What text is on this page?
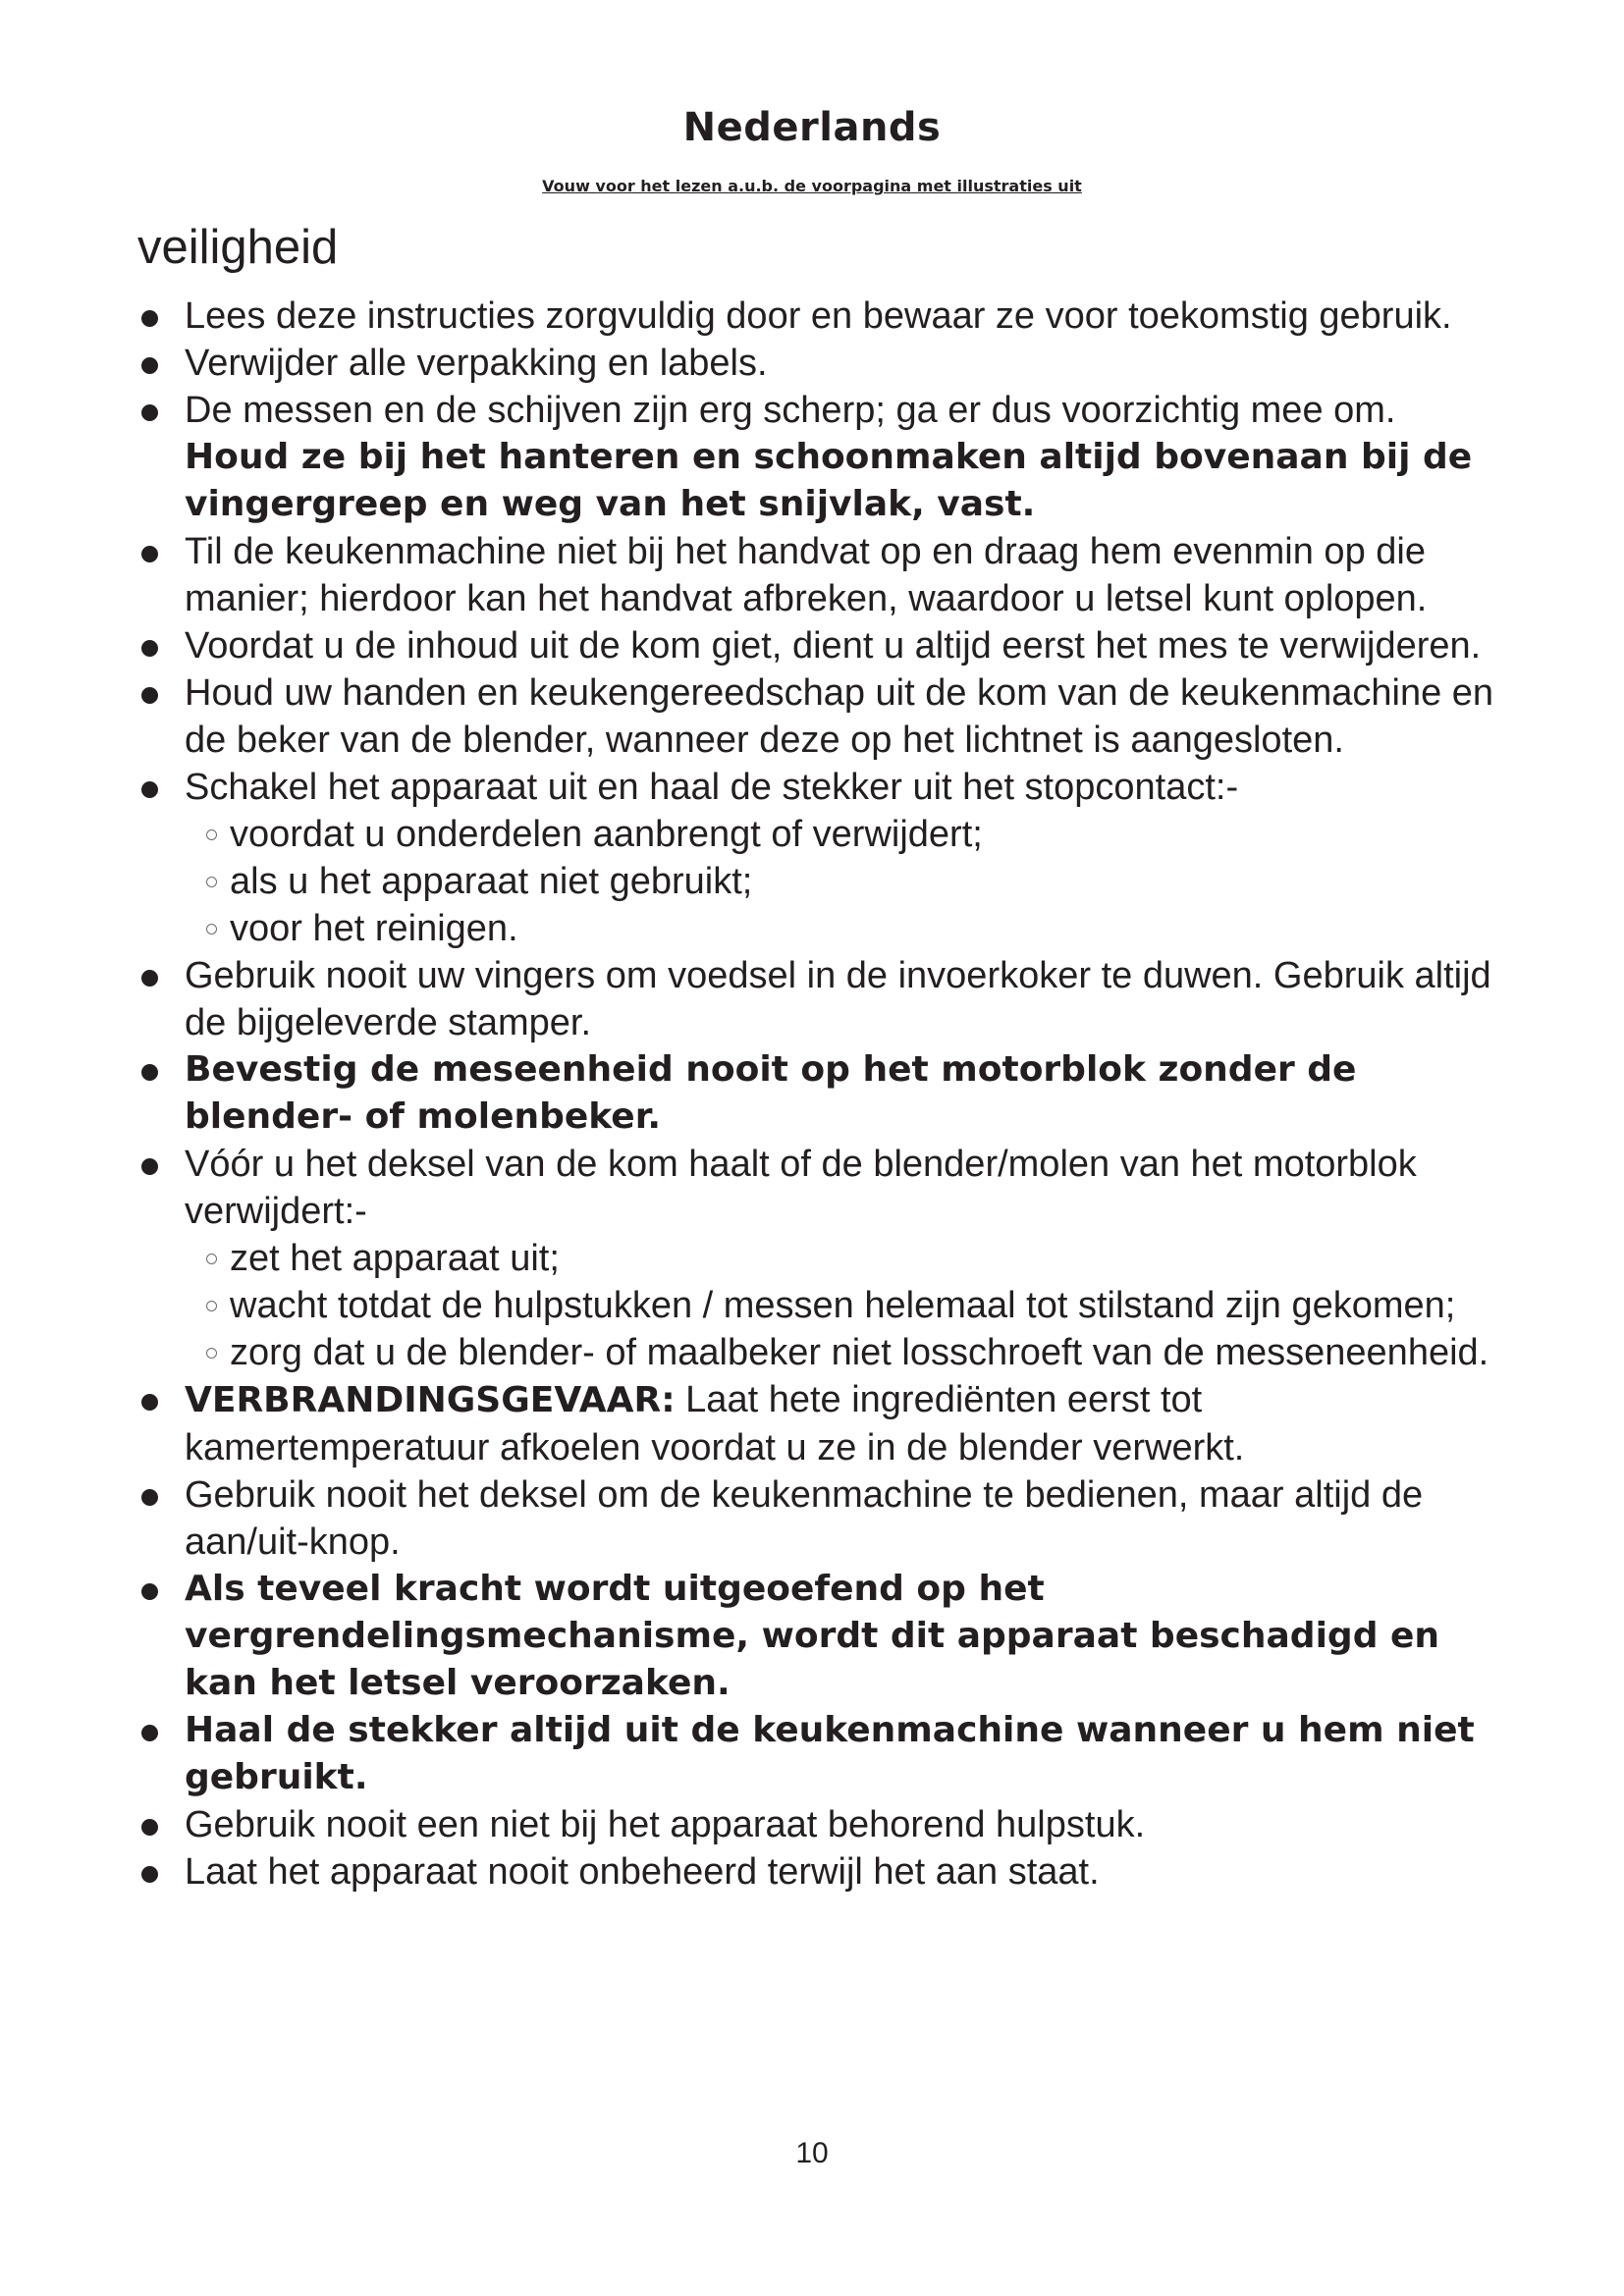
Nederlands
Vouw voor het lezen a.u.b. de voorpagina met illustraties uit
veiligheid
Lees deze instructies zorgvuldig door en bewaar ze voor toekomstig gebruik.
Verwijder alle verpakking en labels.
De messen en de schijven zijn erg scherp; ga er dus voorzichtig mee om.
Houd ze bij het hanteren en schoonmaken altijd bovenaan bij de vingergreep en weg van het snijvlak, vast.
Til de keukenmachine niet bij het handvat op en draag hem evenmin op die manier; hierdoor kan het handvat afbreken, waardoor u letsel kunt oplopen.
Voordat u de inhoud uit de kom giet, dient u altijd eerst het mes te verwijderen.
Houd uw handen en keukengereedschap uit de kom van de keukenmachine en de beker van de blender, wanneer deze op het lichtnet is aangesloten.
Schakel het apparaat uit en haal de stekker uit het stopcontact:-
voordat u onderdelen aanbrengt of verwijdert;
als u het apparaat niet gebruikt;
voor het reinigen.
Gebruik nooit uw vingers om voedsel in de invoerkoker te duwen. Gebruik altijd de bijgeleverde stamper.
Bevestig de meseenheid nooit op het motorblok zonder de blender- of molenbeker.
Vóór u het deksel van de kom haalt of de blender/molen van het motorblok verwijdert:-
zet het apparaat uit;
wacht totdat de hulpstukken / messen helemaal tot stilstand zijn gekomen;
zorg dat u de blender- of maalbeker niet losschroeft van de messeneenheid.
VERBRANDINGSGEVAAR: Laat hete ingrediënten eerst tot kamertemperatuur afkoelen voordat u ze in de blender verwerkt.
Gebruik nooit het deksel om de keukenmachine te bedienen, maar altijd de aan/uit-knop.
Als teveel kracht wordt uitgeoefend op het vergrendelingsmechanisme, wordt dit apparaat beschadigd en kan het letsel veroorzaken.
Haal de stekker altijd uit de keukenmachine wanneer u hem niet gebruikt.
Gebruik nooit een niet bij het apparaat behorend hulpstuk.
Laat het apparaat nooit onbeheerd terwijl het aan staat.
10
